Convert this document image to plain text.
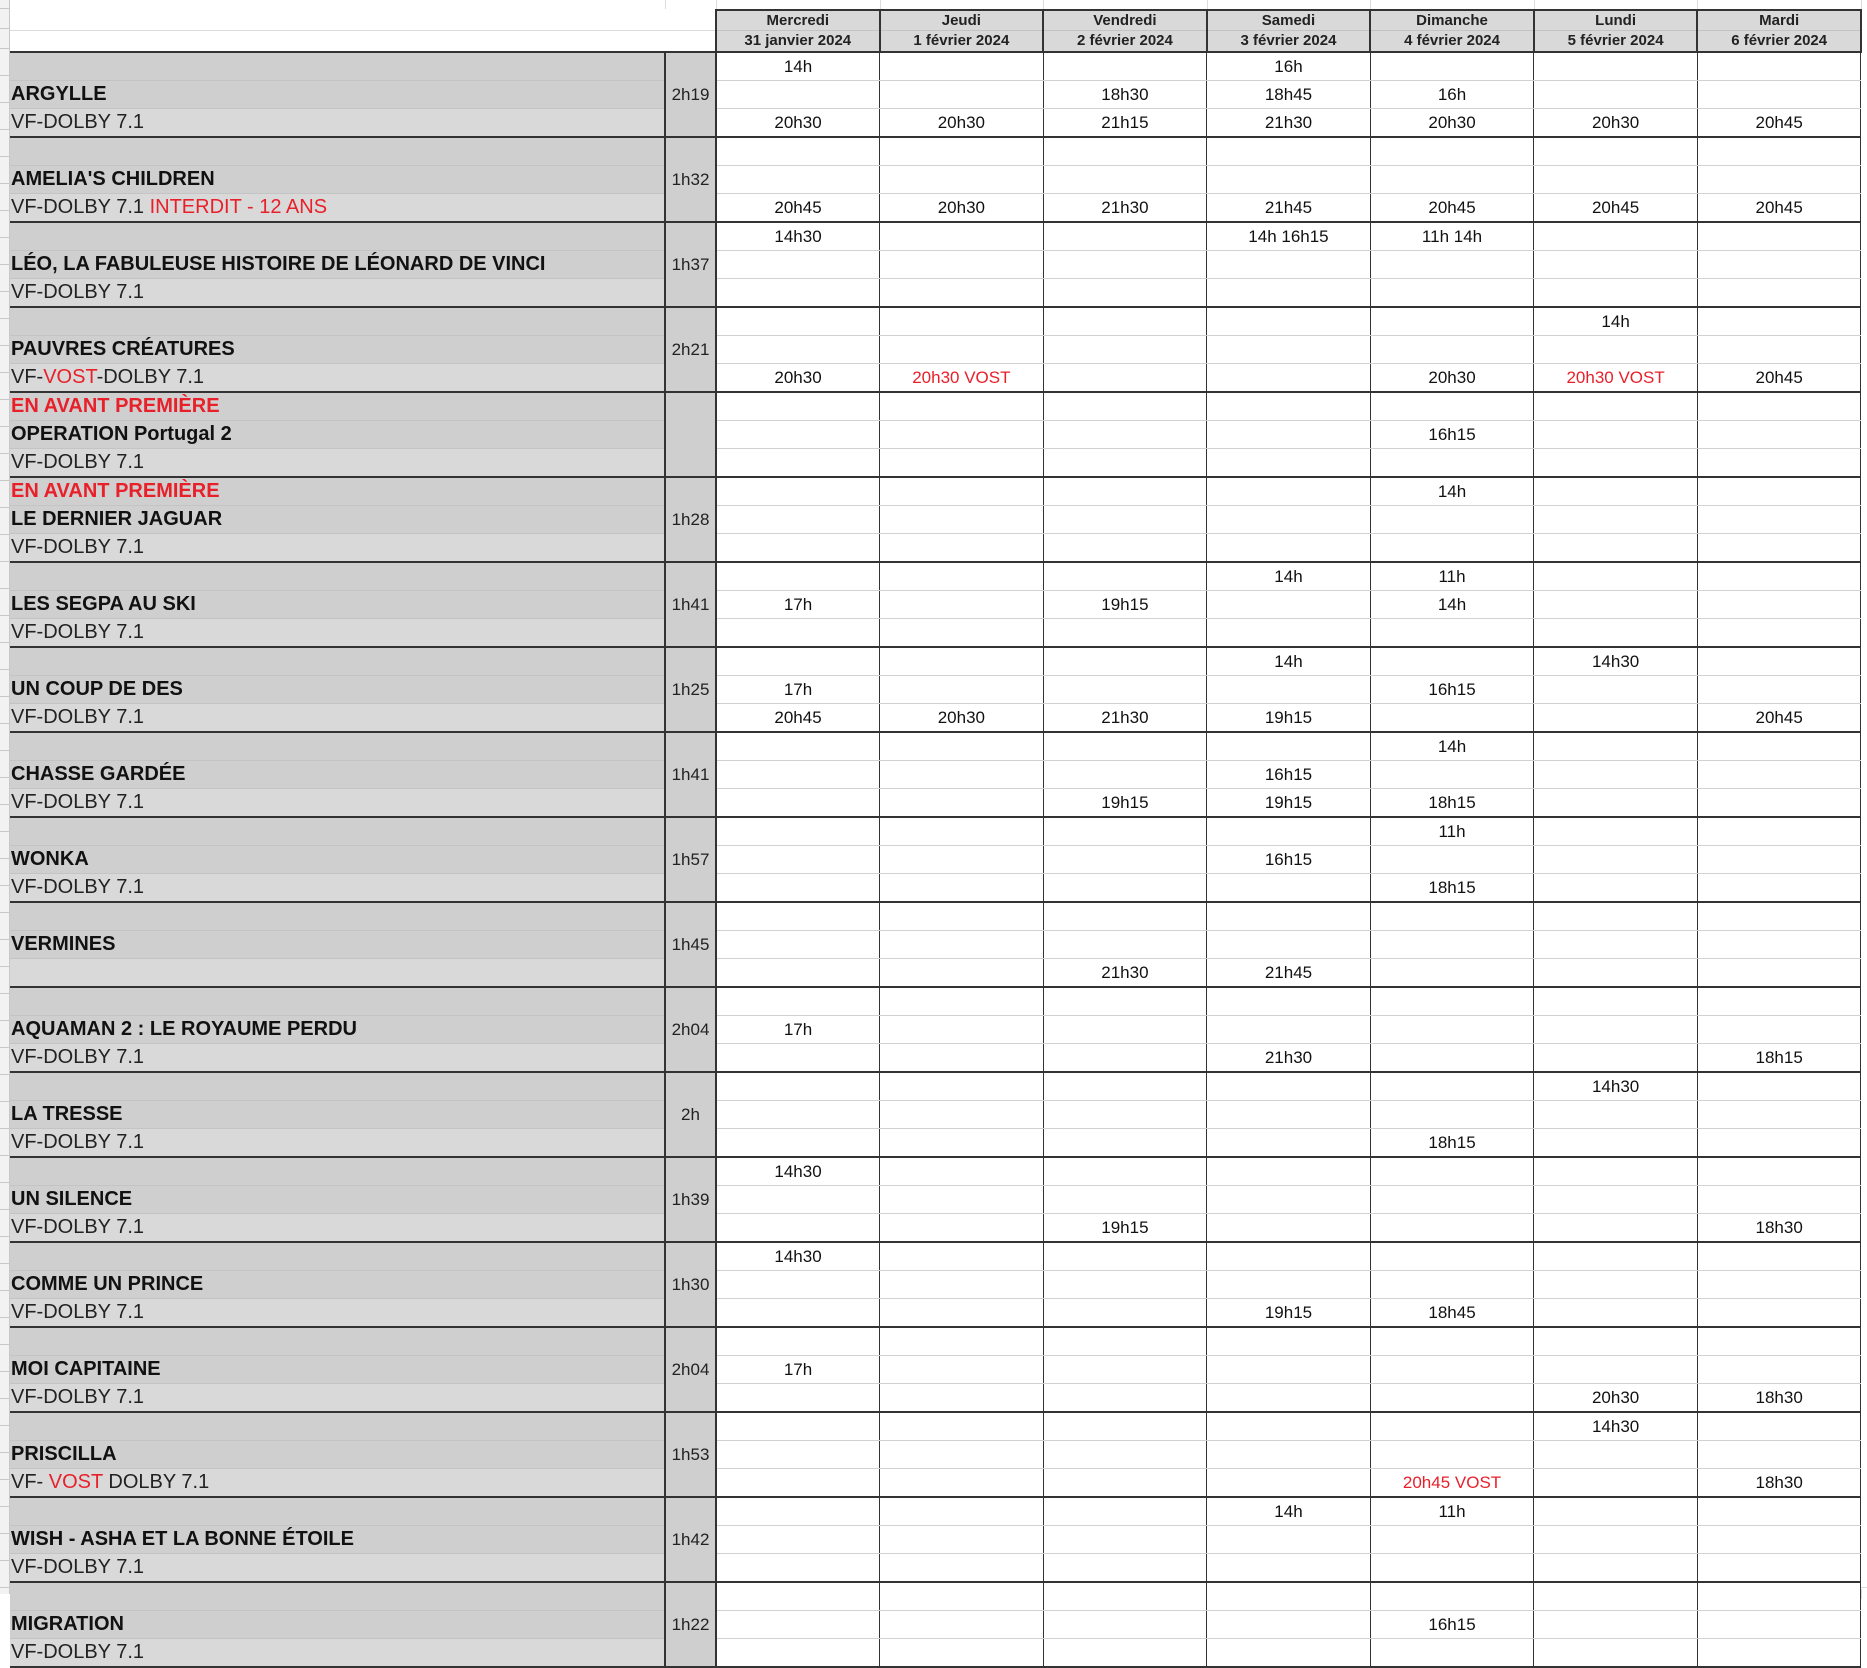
		Mercredi	Jeudi	Vendredi	Samedi	Dimanche	Lundi	Mardi
		31 janvier 2024	1 février 2024	2 février 2024	3 février 2024	4 février 2024	5 février 2024	6 février 2024
	2h19	14h			16h			
ARGYLLE				18h30	18h45	16h		
VF-DOLBY 7.1		20h30	20h30	21h15	21h30	20h30	20h30	20h45
	1h32							
AMELIA'S CHILDREN								
VF-DOLBY 7.1 INTERDIT - 12 ANS		20h45	20h30	21h30	21h45	20h45	20h45	20h45
	1h37	14h30			14h 16h15	11h 14h		
LÉO, LA FABULEUSE HISTOIRE DE LÉONARD DE VINCI								
VF-DOLBY 7.1								
	2h21						14h	
PAUVRES CRÉATURES								
VF-VOST-DOLBY 7.1		20h30	20h30 VOST			20h30	20h30 VOST	20h45
EN AVANT PREMIÈRE								
OPERATION Portugal 2						16h15		
VF-DOLBY 7.1								
EN AVANT PREMIÈRE	1h28					14h		
LE DERNIER JAGUAR								
VF-DOLBY 7.1								
	1h41				14h	11h		
LES SEGPA AU SKI		17h		19h15		14h		
VF-DOLBY 7.1								
	1h25				14h		14h30	
UN COUP DE DES		17h				16h15		
VF-DOLBY 7.1		20h45	20h30	21h30	19h15			20h45
	1h41					14h		
CHASSE GARDÉE					16h15			
VF-DOLBY 7.1				19h15	19h15	18h15		
	1h57					11h		
WONKA					16h15			
VF-DOLBY 7.1						18h15		
	1h45							
VERMINES								
				21h30	21h45			
	2h04							
AQUAMAN 2 : LE ROYAUME PERDU		17h						
VF-DOLBY 7.1					21h30			18h15
	2h						14h30	
LA TRESSE								
VF-DOLBY 7.1						18h15		
	1h39	14h30						
UN SILENCE								
VF-DOLBY 7.1				19h15				18h30
	1h30	14h30						
COMME UN PRINCE								
VF-DOLBY 7.1					19h15	18h45		
	2h04							
MOI CAPITAINE		17h						
VF-DOLBY 7.1							20h30	18h30
	1h53						14h30	
PRISCILLA								
VF- VOST DOLBY 7.1						20h45 VOST		18h30
	1h42				14h	11h		
WISH - ASHA ET LA BONNE ÉTOILE								
VF-DOLBY 7.1								
	1h22							
MIGRATION						16h15		
VF-DOLBY 7.1								
